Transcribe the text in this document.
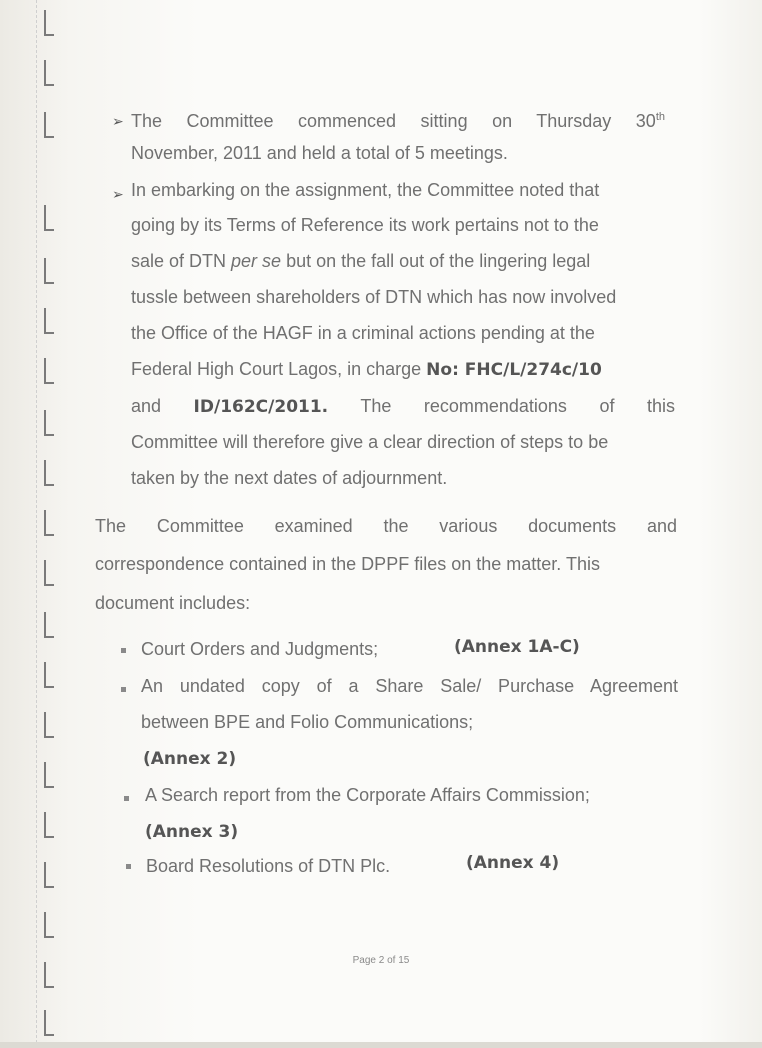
➢ The Committee commenced sitting on Thursday 30th
November, 2011 and held a total of 5 meetings.
➢ In embarking on the assignment, the Committee noted that
going by its Terms of Reference its work pertains not to the
sale of DTN per se but on the fall out of the lingering legal
tussle between shareholders of DTN which has now involved
the Office of the HAGF in a criminal actions pending at the
Federal High Court Lagos, in charge No: FHC/L/274c/10
and ID/162C/2011. The recommendations of this
Committee will therefore give a clear direction of steps to be
taken by the next dates of adjournment.
The Committee examined the various documents and
correspondence contained in the DPPF files on the matter. This
document includes:
Court Orders and Judgments;	(Annex 1A-C)
An undated copy of a Share Sale/ Purchase Agreement
between BPE and Folio Communications;
(Annex 2)
A Search report from the Corporate Affairs Commission;
(Annex 3)
Board Resolutions of DTN Plc.	(Annex 4)
Page 2 of 15
